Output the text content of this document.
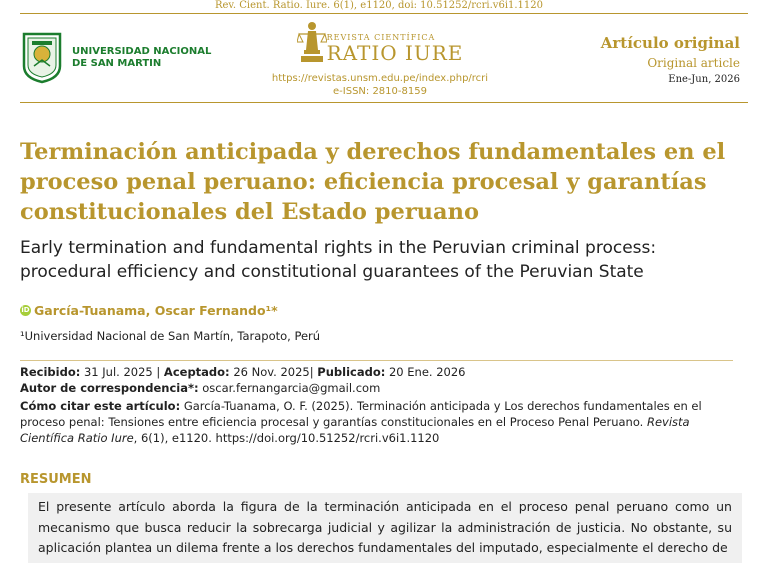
Rev. Cient. Ratio. Iure. 6(1), e1120, doi: 10.51252/rcri.v6i1.1120
UNIVERSIDAD NACIONAL
DE SAN MARTIN
REVISTA CIENTÍFICA
RATIO IURE
https://revistas.unsm.edu.pe/index.php/rcri
e-ISSN: 2810-8159
Artículo original
Original article
Ene-Jun, 2026
Terminación anticipada y derechos fundamentales en el proceso penal peruano: eficiencia procesal y garantías constitucionales del Estado peruano
Early termination and fundamental rights in the Peruvian criminal process: procedural efficiency and constitutional guarantees of the Peruvian State
iD García-Tuanama, Oscar Fernando¹*
¹Universidad Nacional de San Martín, Tarapoto, Perú
Recibido: 31 Jul. 2025 | Aceptado: 26 Nov. 2025| Publicado: 20 Ene. 2026
Autor de correspondencia*: oscar.fernangarcia@gmail.com
Cómo citar este artículo: García-Tuanama, O. F. (2025). Terminación anticipada y Los derechos fundamentales en el proceso penal: Tensiones entre eficiencia procesal y garantías constitucionales en el Proceso Penal Peruano. Revista Científica Ratio Iure, 6(1), e1120. https://doi.org/10.51252/rcri.v6i1.1120
RESUMEN
El presente artículo aborda la figura de la terminación anticipada en el proceso penal peruano como un mecanismo que busca reducir la sobrecarga judicial y agilizar la administración de justicia. No obstante, su aplicación plantea un dilema frente a los derechos fundamentales del imputado, especialmente el derecho de
